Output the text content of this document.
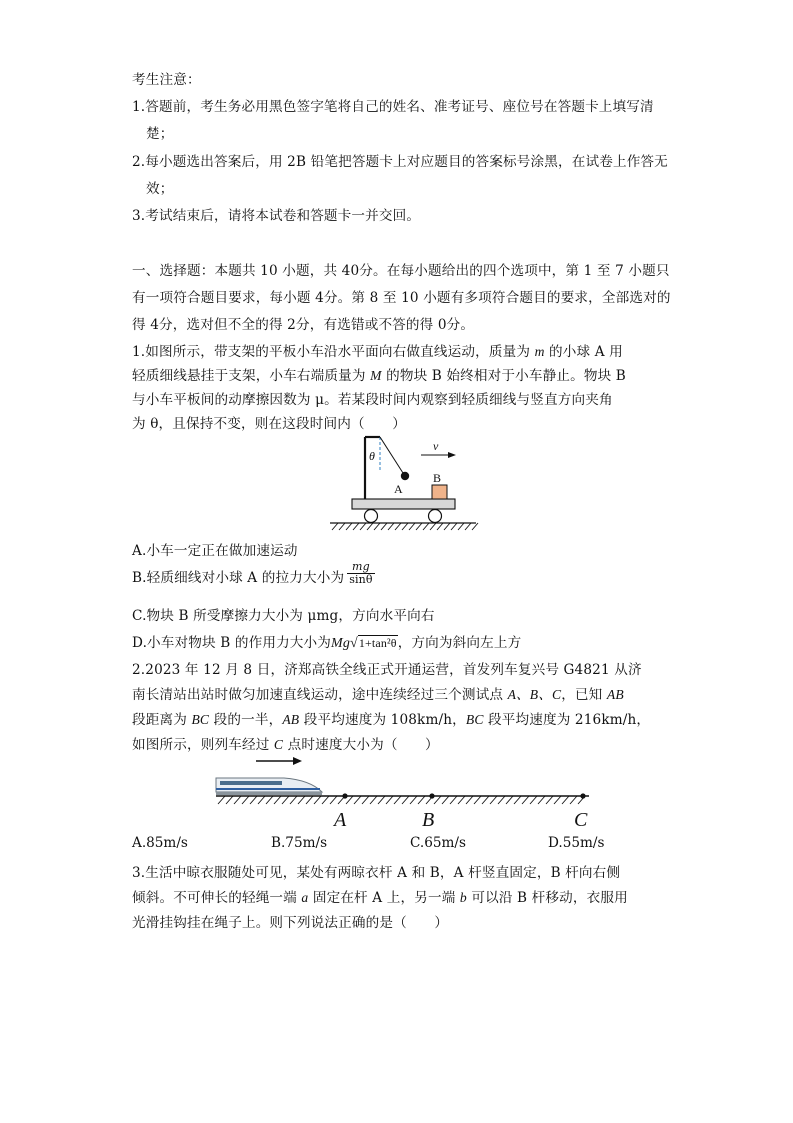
考生注意：
1.答题前，考生务必用黑色签字笔将自己的姓名、准考证号、座位号在答题卡上填写清
楚；
2.每小题选出答案后，用 2B 铅笔把答题卡上对应题目的答案标号涂黑，在试卷上作答无
效；
3.考试结束后，请将本试卷和答题卡一并交回。
一、选择题：本题共 10 小题，共 40分。在每小题给出的四个选项中，第 1 至 7 小题只
有一项符合题目要求，每小题 4分。第 8 至 10 小题有多项符合题目的要求，全部选对的
得 4分，选对但不全的得 2分，有选错或不答的得 0分。
1.如图所示，带支架的平板小车沿水平面向右做直线运动，质量为 m 的小球 A 用
轻质细线悬挂于支架，小车右端质量为 M 的物块 B 始终相对于小车静止。物块 B
与小车平板间的动摩擦因数为 μ。若某段时间内观察到轻质细线与竖直方向夹角
为 θ，且保持不变，则在这段时间内（　　）
θ
A
B
v
A.小车一定正在做加速运动
B.轻质细线对小球 A 的拉力大小为 $\frac{mg}{\sin\theta}$
C.物块 B 所受摩擦力大小为 μmg，方向水平向右
D.小车对物块 B 的作用力大小为Mg√1+tan²θ，方向为斜向左上方
2.2023 年 12 月 8 日，济郑高铁全线正式开通运营，首发列车复兴号 G4821 从济
南长清站出站时做匀加速直线运动，途中连续经过三个测试点 A、B、C，已知 AB
段距离为 BC 段的一半，AB 段平均速度为 108km/h，BC 段平均速度为 216km/h，
如图所示，则列车经过 C 点时速度大小为（　　）
A	B	C
A.85m/s	B.75m/s	C.65m/s	D.55m/s
3.生活中晾衣服随处可见，某处有两晾衣杆 A 和 B，A 杆竖直固定，B 杆向右侧
倾斜。不可伸长的轻绳一端 a 固定在杆 A 上，另一端 b 可以沿 B 杆移动，衣服用
光滑挂钩挂在绳子上。则下列说法正确的是（　　）
